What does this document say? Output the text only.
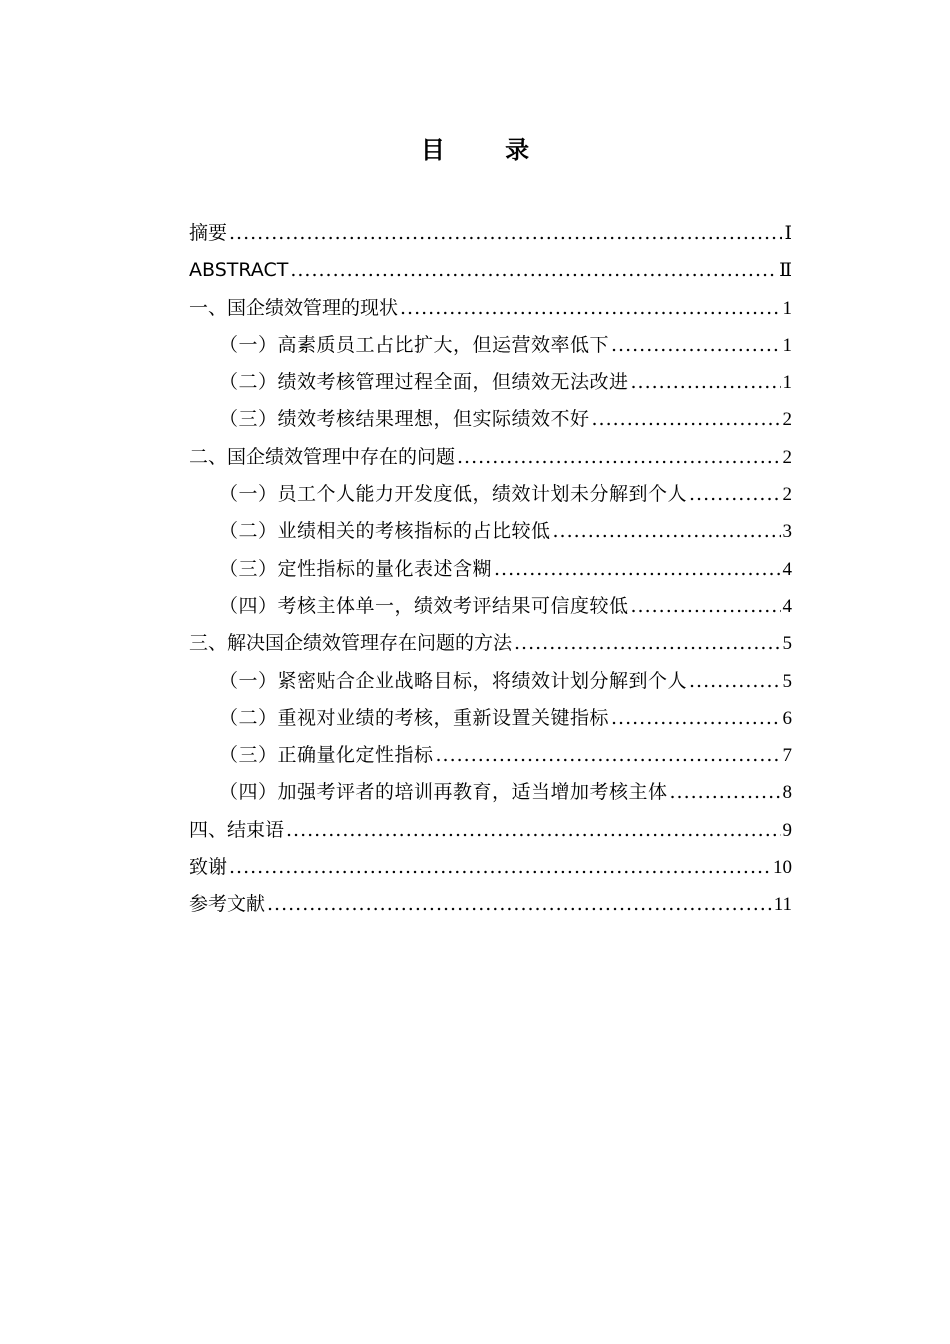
目 录
摘要 .....	Ⅰ
ABSTRACT .....	Ⅱ
一、国企绩效管理的现状 .....	1
（一）高素质员工占比扩大，但运营效率低下 .....	1
（二）绩效考核管理过程全面，但绩效无法改进 .....	1
（三）绩效考核结果理想，但实际绩效不好 .....	2
二、国企绩效管理中存在的问题 .....	2
（一）员工个人能力开发度低，绩效计划未分解到个人 .....	2
（二）业绩相关的考核指标的占比较低 .....	3
（三）定性指标的量化表述含糊 .....	4
（四）考核主体单一，绩效考评结果可信度较低 .....	4
三、解决国企绩效管理存在问题的方法 .....	5
（一）紧密贴合企业战略目标，将绩效计划分解到个人 .....	5
（二）重视对业绩的考核，重新设置关键指标 .....	6
（三）正确量化定性指标 .....	7
（四）加强考评者的培训再教育，适当增加考核主体 .....	8
四、结束语 .....	9
致谢 .....	10
参考文献 .....	11
